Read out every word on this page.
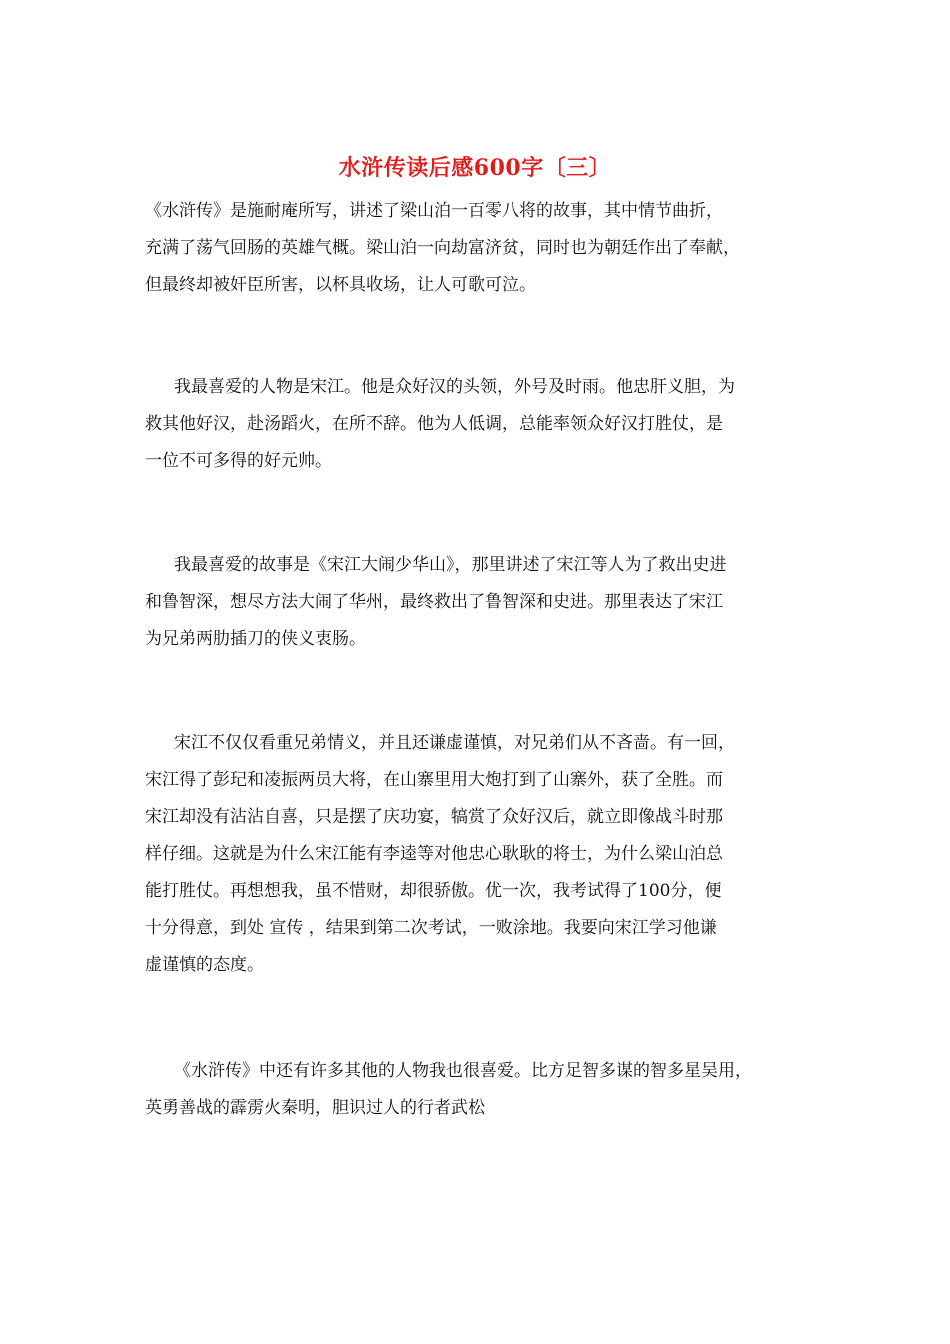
水浒传读后感600字〔三〕
《水浒传》是施耐庵所写，讲述了梁山泊一百零八将的故事，其中情节曲折，
充满了荡气回肠的英雄气概。梁山泊一向劫富济贫，同时也为朝廷作出了奉献，
但最终却被奸臣所害，以杯具收场，让人可歌可泣。
我最喜爱的人物是宋江。他是众好汉的头领，外号及时雨。他忠肝义胆，为
救其他好汉，赴汤蹈火，在所不辞。他为人低调，总能率领众好汉打胜仗，是
一位不可多得的好元帅。
我最喜爱的故事是《宋江大闹少华山》，那里讲述了宋江等人为了救出史进
和鲁智深，想尽方法大闹了华州，最终救出了鲁智深和史进。那里表达了宋江
为兄弟两肋插刀的侠义衷肠。
宋江不仅仅看重兄弟情义，并且还谦虚谨慎，对兄弟们从不吝啬。有一回，
宋江得了彭玘和凌振两员大将，在山寨里用大炮打到了山寨外，获了全胜。而
宋江却没有沾沾自喜，只是摆了庆功宴，犒赏了众好汉后，就立即像战斗时那
样仔细。这就是为什么宋江能有李逵等对他忠心耿耿的将士，为什么梁山泊总
能打胜仗。再想想我，虽不惜财，却很骄傲。优一次，我考试得了100分，便
十分得意，到处 宣传 ，结果到第二次考试，一败涂地。我要向宋江学习他谦
虚谨慎的态度。
《水浒传》中还有许多其他的人物我也很喜爱。比方足智多谋的智多星吴用，
英勇善战的霹雳火秦明，胆识过人的行者武松
